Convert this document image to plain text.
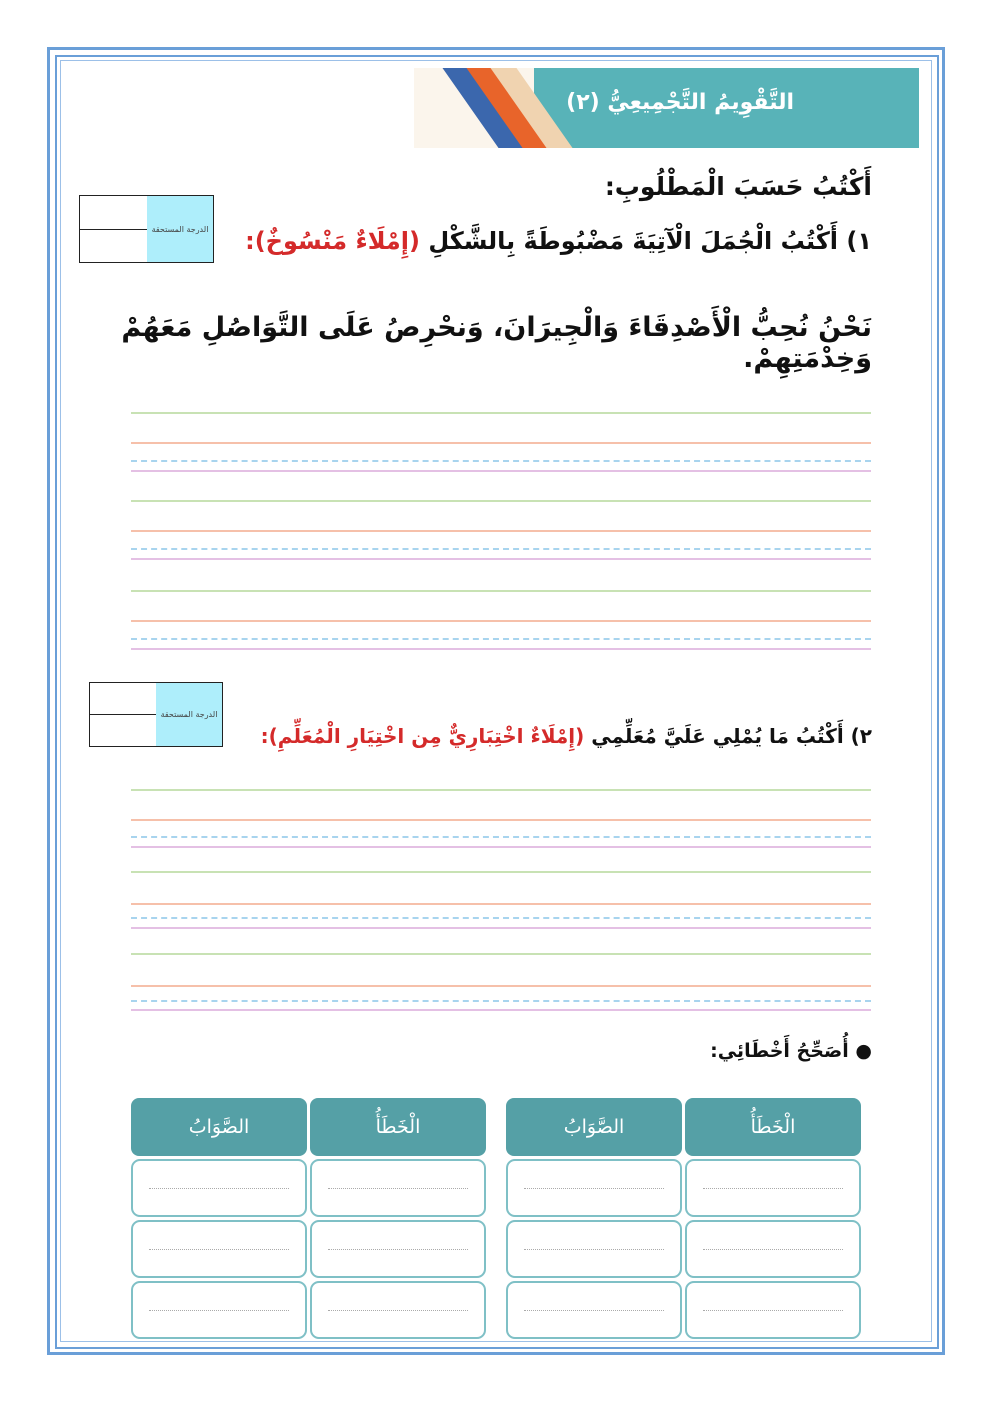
التَّقْوِيمُ التَّجْمِيعِيُّ (٢)
أَكْتُبُ حَسَبَ الْمَطْلُوبِ:
الدرجة المستحقة	١) أَكْتُبُ الْجُمَلَ الْآتِيَةَ مَضْبُوطَةً بِالشَّكْلِ (إِمْلَاءٌ مَنْسُوخٌ):
نَحْنُ نُحِبُّ الْأَصْدِقَاءَ وَالْجِيرَانَ، وَنحْرِصُ عَلَى التَّوَاصُلِ مَعَهُمْ وَخِدْمَتِهِمْ.
الدرجة المستحقة
٢) أَكْتُبُ مَا يُمْلِي عَلَيَّ مُعَلِّمِي (إِمْلَاءٌ اخْتِبَارِيٌّ مِن اخْتِيَارِ الْمُعَلِّمِ):
● أُصَحِّحُ أَخْطَائِي:
الصَّوَابُ	الْخَطَأُ	الصَّوَابُ	الْخَطَأُ
